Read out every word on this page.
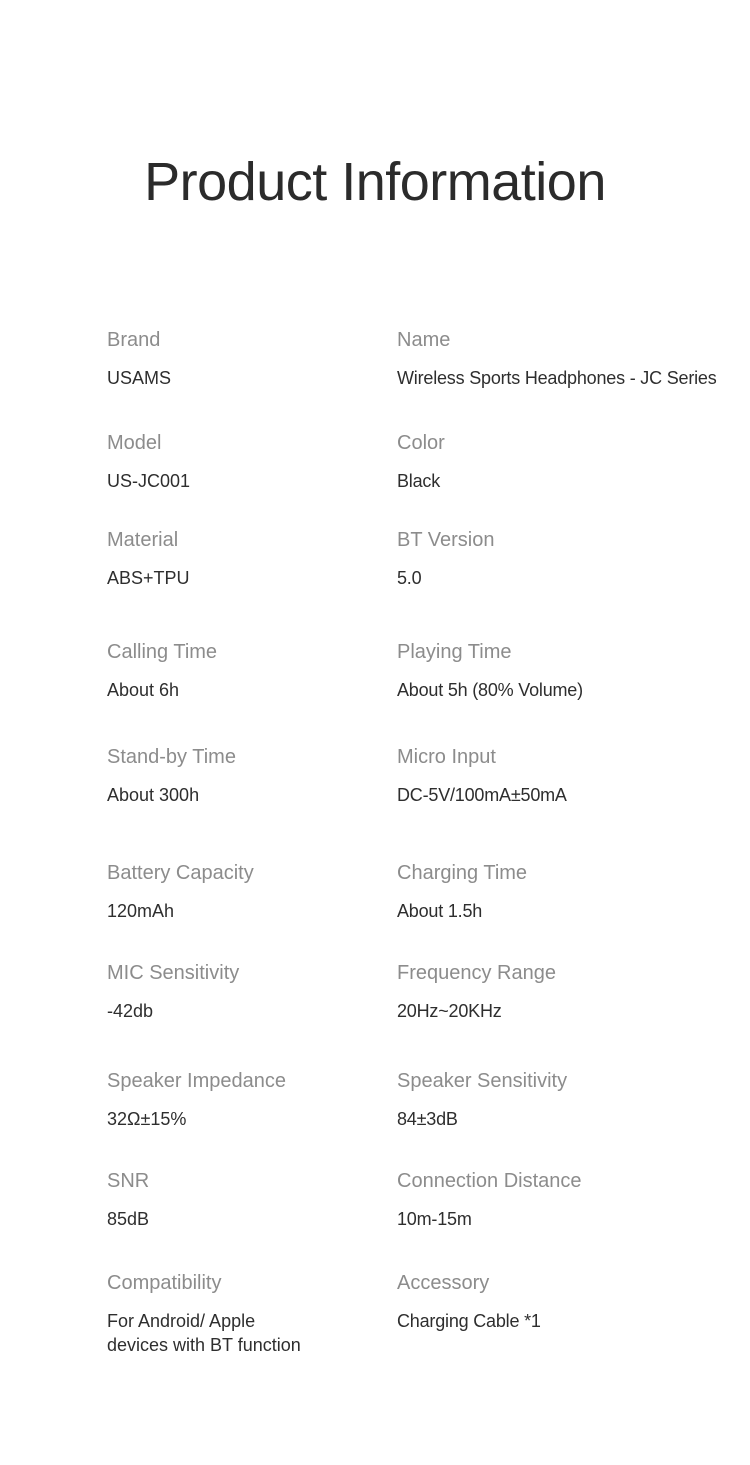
Product Information
Brand
USAMS
Name
Wireless Sports Headphones - JC Series
Model
US-JC001
Color
Black
Material
ABS+TPU
BT Version
5.0
Calling Time
About 6h
Playing Time
About 5h (80% Volume)
Stand-by Time
About 300h
Micro Input
DC-5V/100mA±50mA
Battery Capacity
120mAh
Charging Time
About 1.5h
MIC Sensitivity
-42db
Frequency Range
20Hz~20KHz
Speaker Impedance
32Ω±15%
Speaker Sensitivity
84±3dB
SNR
85dB
Connection Distance
10m-15m
Compatibility
For Android/ Apple
devices with BT function
Accessory
Charging Cable *1
